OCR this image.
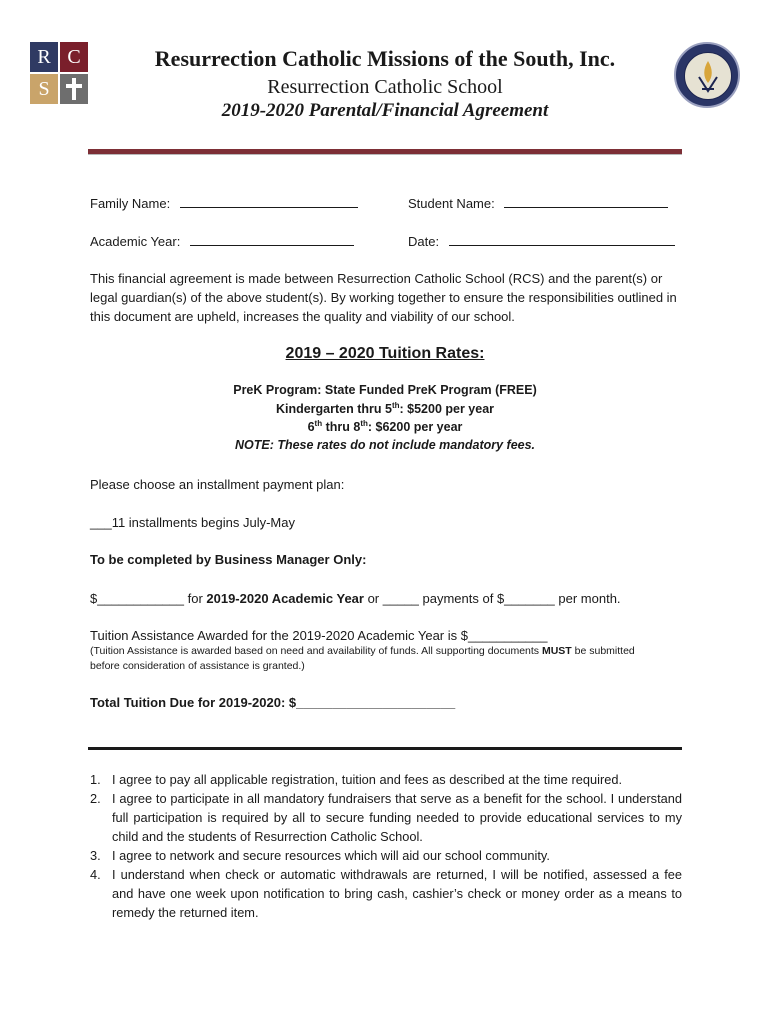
R C
S
Resurrection Catholic Missions of the South, Inc.
Resurrection Catholic School
2019-2020 Parental/Financial Agreement
Family Name:	Student Name:
Academic Year:	Date:
This financial agreement is made between Resurrection Catholic School (RCS) and the parent(s) or legal guardian(s) of the above student(s). By working together to ensure the responsibilities outlined in this document are upheld, increases the quality and viability of our school.
2019 – 2020 Tuition Rates:
PreK Program: State Funded PreK Program (FREE)
Kindergarten thru 5th: $5200 per year
6th thru 8th: $6200 per year
NOTE: These rates do not include mandatory fees.
Please choose an installment payment plan:
___11 installments begins July-May
To be completed by Business Manager Only:
$____________ for 2019-2020 Academic Year or _____ payments of $_______ per month.
Tuition Assistance Awarded for the 2019-2020 Academic Year is $___________
(Tuition Assistance is awarded based on need and availability of funds. All supporting documents MUST be submitted before consideration of assistance is granted.)
Total Tuition Due for 2019-2020: $______________________
1. I agree to pay all applicable registration, tuition and fees as described at the time required.
2. I agree to participate in all mandatory fundraisers that serve as a benefit for the school. I understand full participation is required by all to secure funding needed to provide educational services to my child and the students of Resurrection Catholic School.
3. I agree to network and secure resources which will aid our school community.
4. I understand when check or automatic withdrawals are returned, I will be notified, assessed a fee and have one week upon notification to bring cash, cashier’s check or money order as a means to remedy the returned item.
